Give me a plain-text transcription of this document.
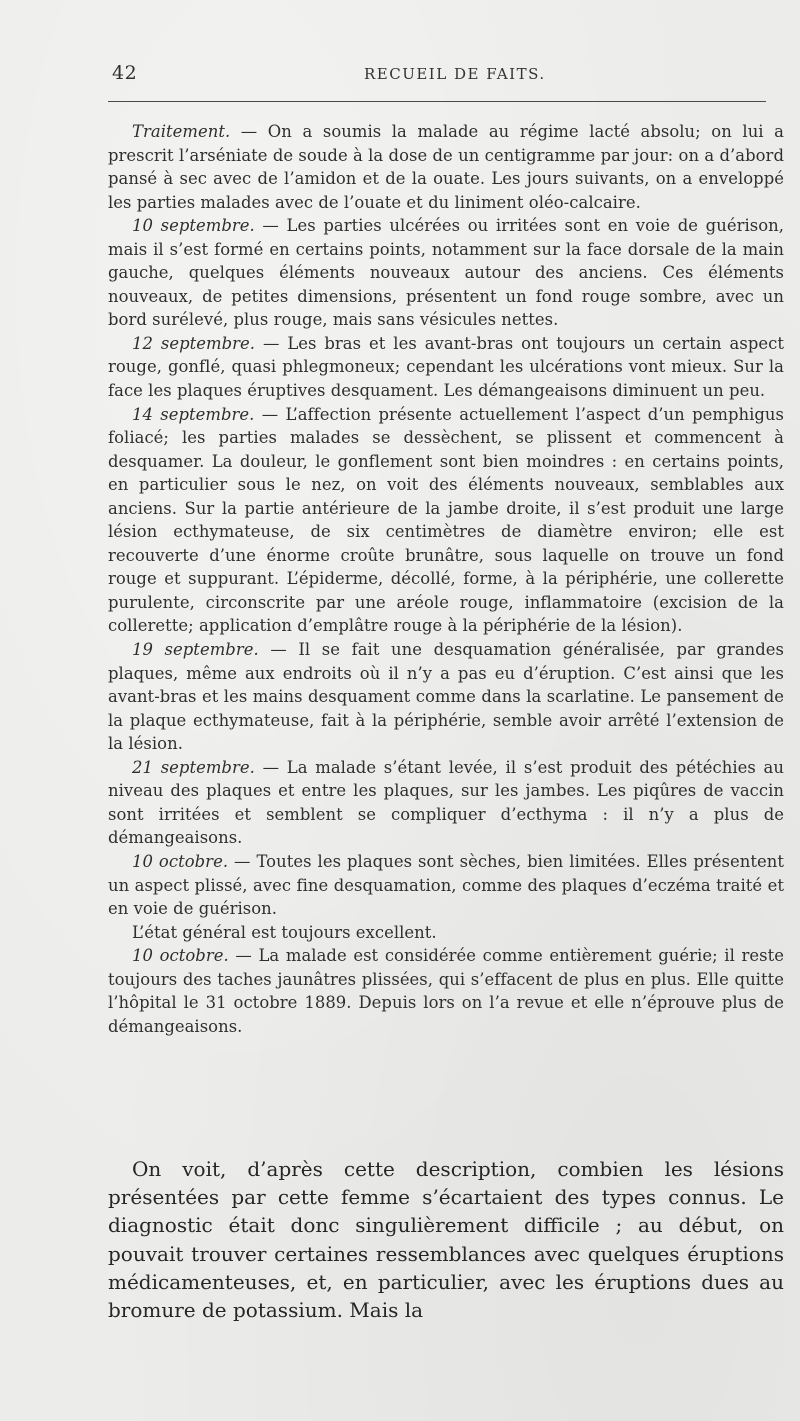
42	RECUEIL DE FAITS.

Traitement. — On a soumis la malade au régime lacté absolu; on lui a prescrit l’arséniate de soude à la dose de un centigramme par jour: on a d’abord pansé à sec avec de l’amidon et de la ouate. Les jours suivants, on a enveloppé les parties malades avec de l’ouate et du liniment oléo-calcaire.

10 septembre. — Les parties ulcérées ou irritées sont en voie de guérison, mais il s’est formé en certains points, notamment sur la face dorsale de la main gauche, quelques éléments nouveaux autour des anciens. Ces éléments nouveaux, de petites dimensions, présentent un fond rouge sombre, avec un bord surélevé, plus rouge, mais sans vésicules nettes.

12 septembre. — Les bras et les avant-bras ont toujours un certain aspect rouge, gonflé, quasi phlegmoneux; cependant les ulcérations vont mieux. Sur la face les plaques éruptives desquament. Les démangeaisons diminuent un peu.

14 septembre. — L’affection présente actuellement l’aspect d’un pemphigus foliacé; les parties malades se dessèchent, se plissent et commencent à desquamer. La douleur, le gonflement sont bien moindres : en certains points, en particulier sous le nez, on voit des éléments nouveaux, semblables aux anciens. Sur la partie antérieure de la jambe droite, il s’est produit une large lésion ecthymateuse, de six centimètres de diamètre environ; elle est recouverte d’une énorme croûte brunâtre, sous laquelle on trouve un fond rouge et suppurant. L’épiderme, décollé, forme, à la périphérie, une collerette purulente, circonscrite par une aréole rouge, inflammatoire (excision de la collerette; application d’emplâtre rouge à la périphérie de la lésion).

19 septembre. — Il se fait une desquamation généralisée, par grandes plaques, même aux endroits où il n’y a pas eu d’éruption. C’est ainsi que les avant-bras et les mains desquament comme dans la scarlatine. Le pansement de la plaque ecthymateuse, fait à la périphérie, semble avoir arrêté l’extension de la lésion.

21 septembre. — La malade s’étant levée, il s’est produit des pétéchies au niveau des plaques et entre les plaques, sur les jambes. Les piqûres de vaccin sont irritées et semblent se compliquer d’ecthyma : il n’y a plus de démangeaisons.

10 octobre. — Toutes les plaques sont sèches, bien limitées. Elles présentent un aspect plissé, avec fine desquamation, comme des plaques d’eczéma traité et en voie de guérison.

L’état général est toujours excellent.

10 octobre. — La malade est considérée comme entièrement guérie; il reste toujours des taches jaunâtres plissées, qui s’effacent de plus en plus. Elle quitte l’hôpital le 31 octobre 1889. Depuis lors on l’a revue et elle n’éprouve plus de démangeaisons.

On voit, d’après cette description, combien les lésions présentées par cette femme s’écartaient des types connus. Le diagnostic était donc singulièrement difficile ; au début, on pouvait trouver certaines ressemblances avec quelques éruptions médicamenteuses, et, en particulier, avec les éruptions dues au bromure de potassium. Mais la
